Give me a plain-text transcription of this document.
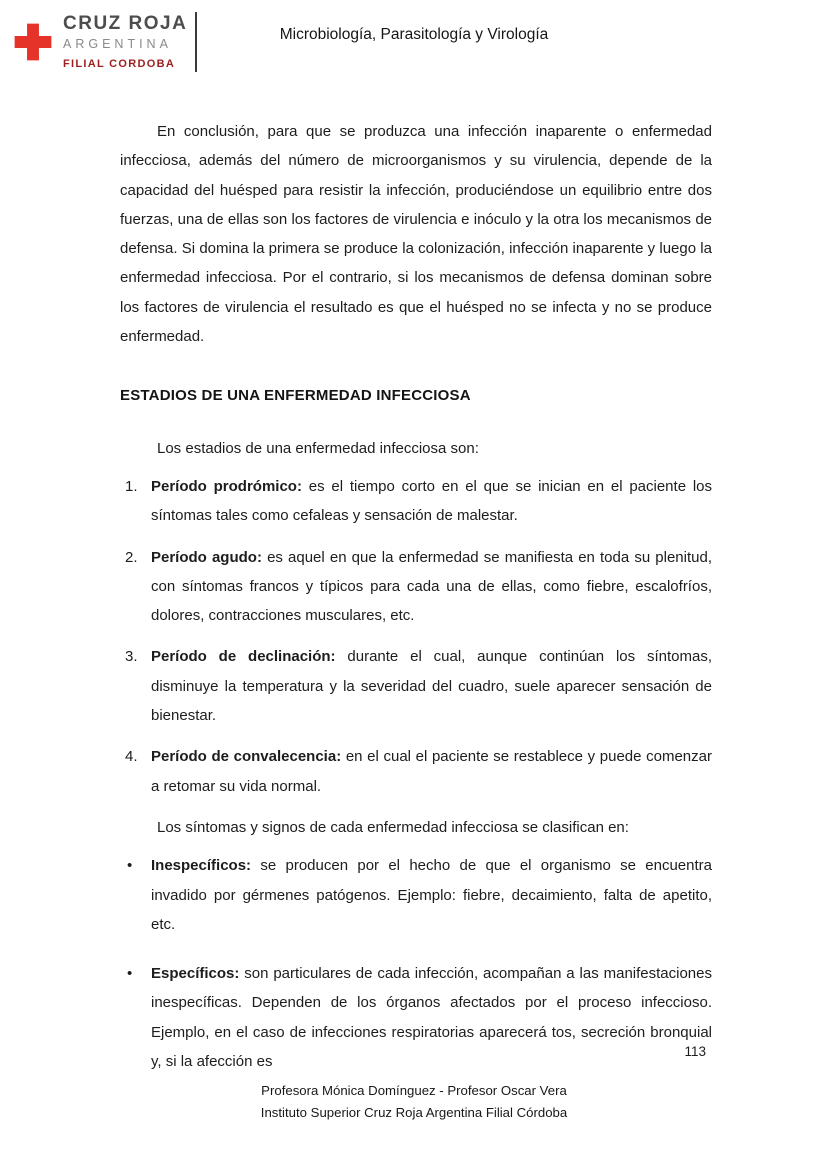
CRUZ ROJA
ARGENTINA
FILIAL CORDOBA
Microbiología, Parasitología y Virología

En conclusión, para que se produzca una infección inaparente o enfermedad infecciosa, además del número de microorganismos y su virulencia, depende de la capacidad del huésped para resistir la infección, produciéndose un equilibrio entre dos fuerzas, una de ellas son los factores de virulencia e inóculo y la otra los mecanismos de defensa. Si domina la primera se produce la colonización, infección inaparente y luego la enfermedad infecciosa. Por el contrario, si los mecanismos de defensa dominan sobre los factores de virulencia el resultado es que el huésped no se infecta y no se produce enfermedad.

ESTADIOS DE UNA ENFERMEDAD INFECCIOSA

Los estadios de una enfermedad infecciosa son:

1. Período prodrómico: es el tiempo corto en el que se inician en el paciente los síntomas tales como cefaleas y sensación de malestar.
2. Período agudo: es aquel en que la enfermedad se manifiesta en toda su plenitud, con síntomas francos y típicos para cada una de ellas, como fiebre, escalofríos, dolores, contracciones musculares, etc.
3. Período de declinación: durante el cual, aunque continúan los síntomas, disminuye la temperatura y la severidad del cuadro, suele aparecer sensación de bienestar.
4. Período de convalecencia: en el cual el paciente se restablece y puede comenzar a retomar su vida normal.

Los síntomas y signos de cada enfermedad infecciosa se clasifican en:

• Inespecíficos: se producen por el hecho de que el organismo se encuentra invadido por gérmenes patógenos. Ejemplo: fiebre, decaimiento, falta de apetito, etc.
• Específicos: son particulares de cada infección, acompañan a las manifestaciones inespecíficas. Dependen de los órganos afectados por el proceso infeccioso. Ejemplo, en el caso de infecciones respiratorias aparecerá tos, secreción bronquial y, si la afección es
113
Profesora Mónica Domínguez - Profesor Oscar Vera
Instituto Superior Cruz Roja Argentina Filial Córdoba
